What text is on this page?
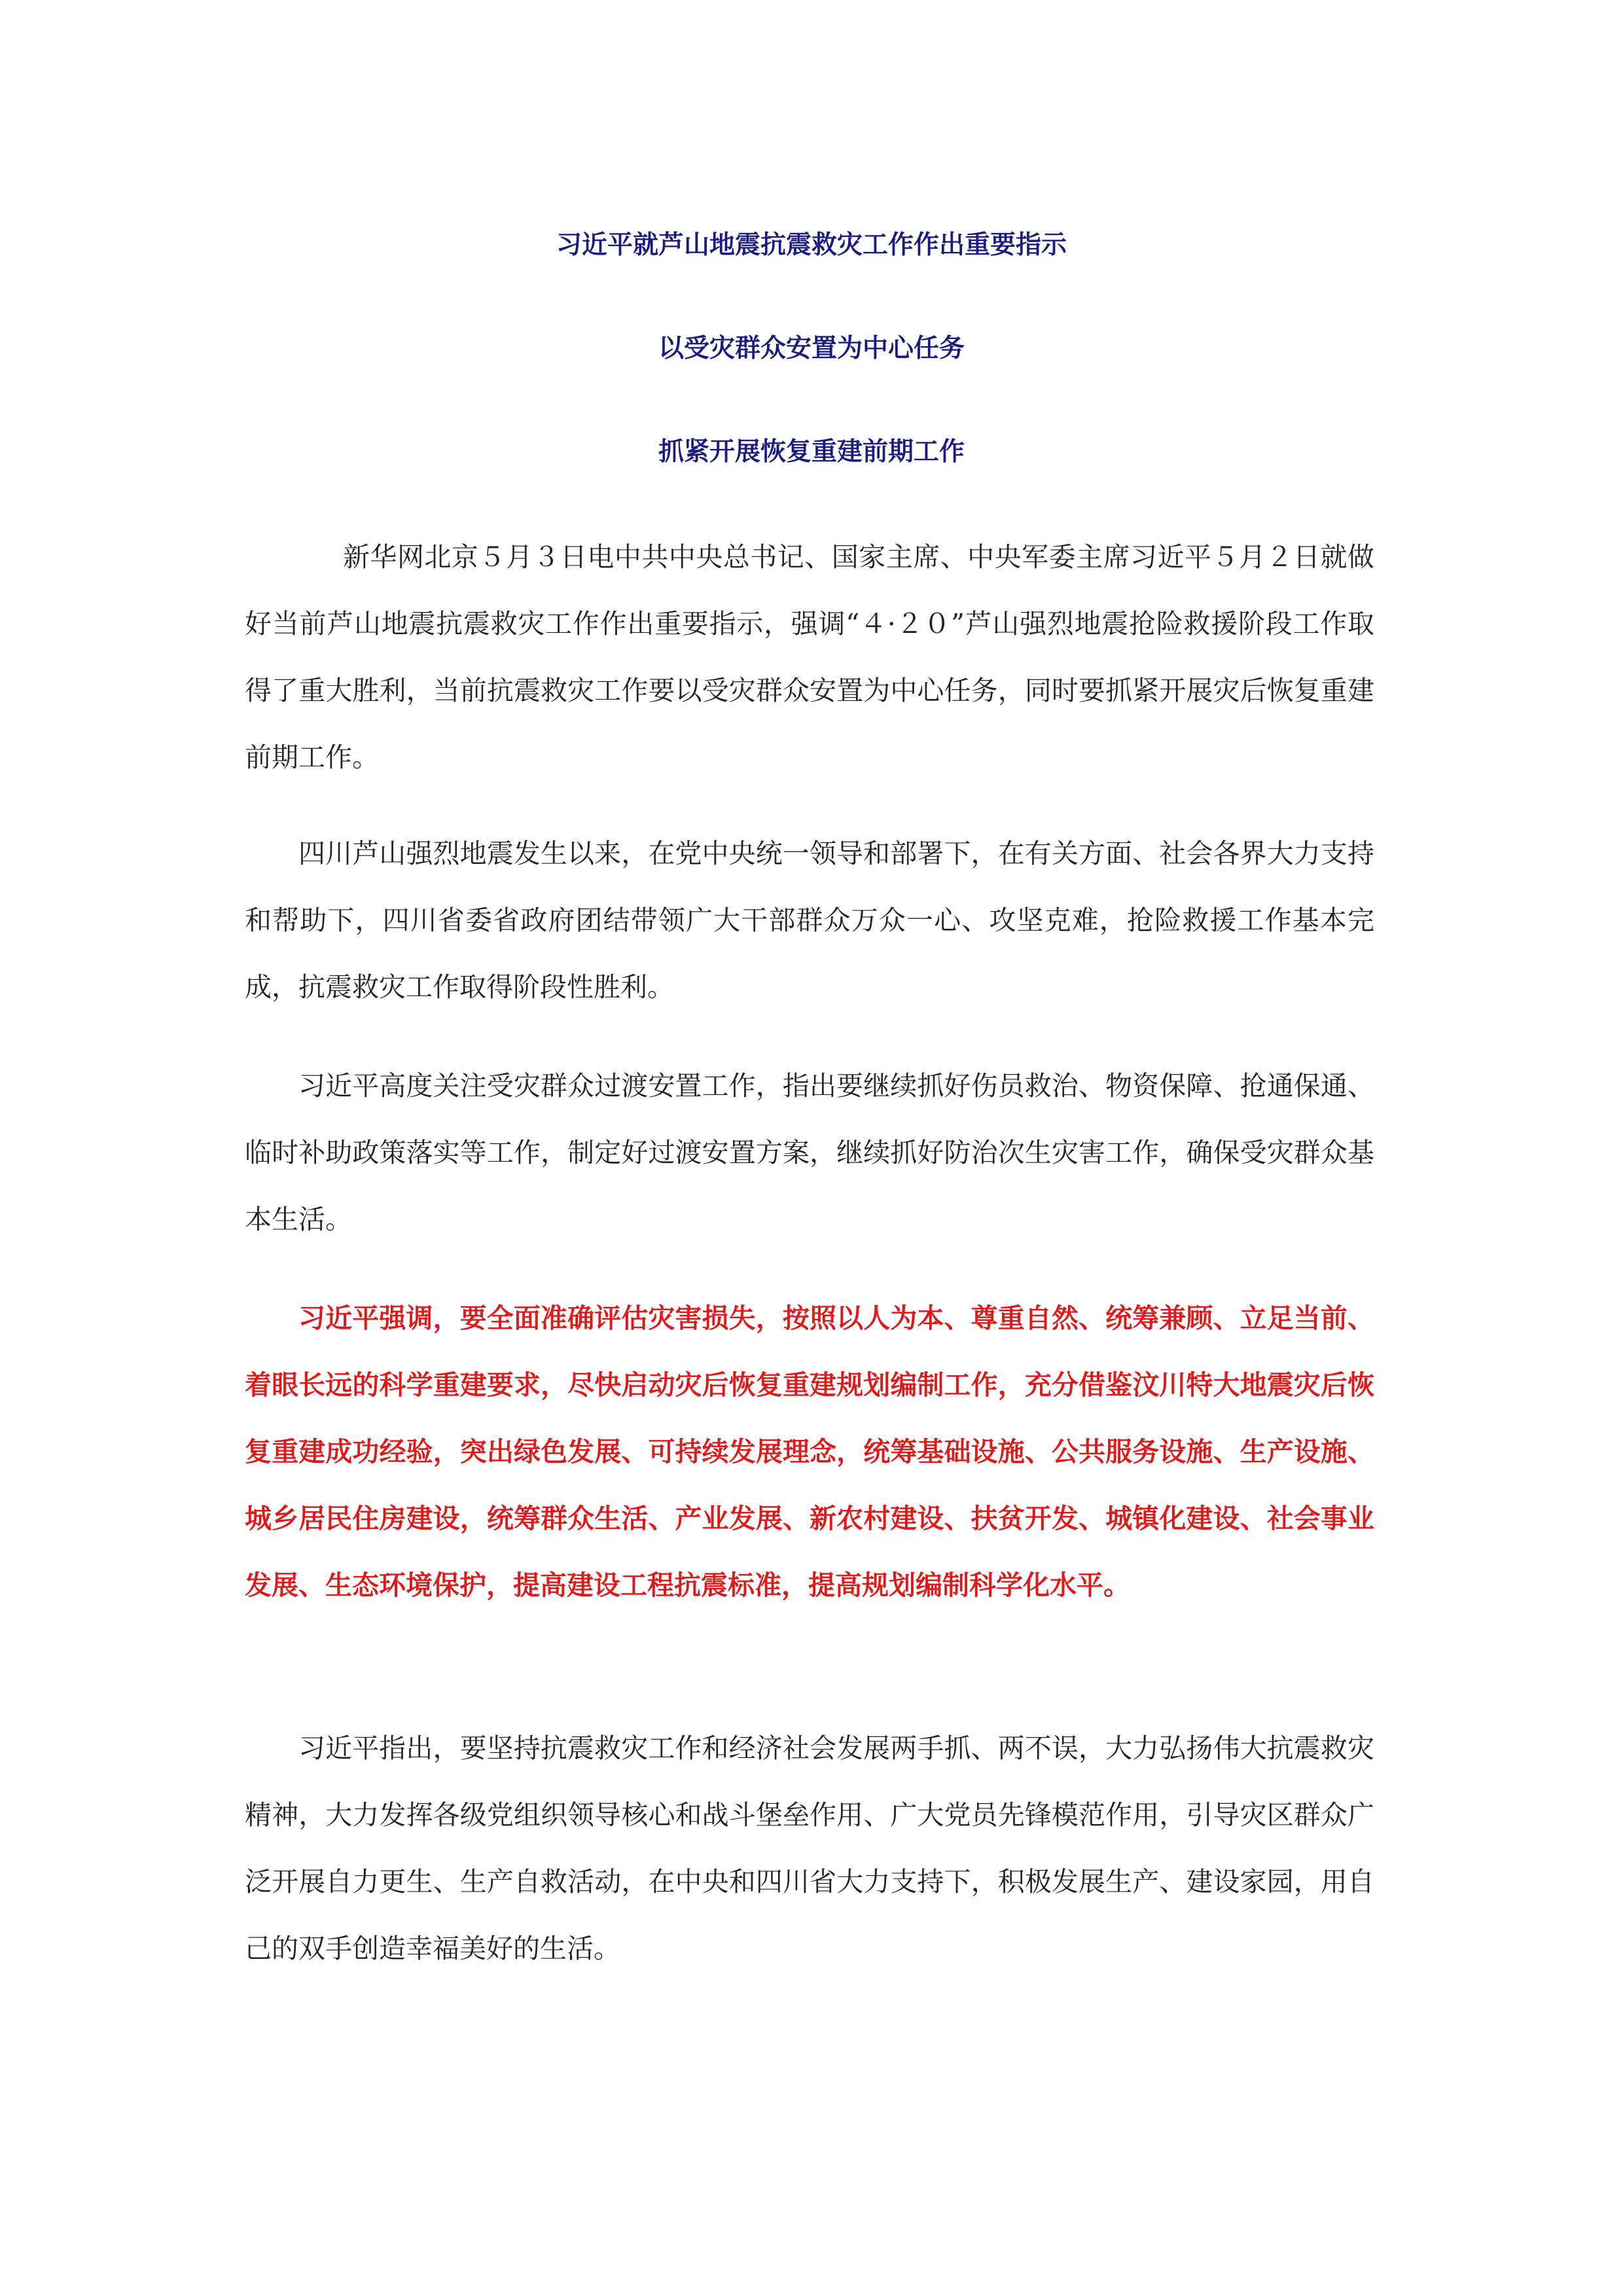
习近平就芦山地震抗震救灾工作作出重要指示
以受灾群众安置为中心任务
抓紧开展恢复重建前期工作

新华网北京５月３日电中共中央总书记、国家主席、中央军委主席习近平５月２日就做好当前芦山地震抗震救灾工作作出重要指示，强调“４·２０”芦山强烈地震抢险救援阶段工作取得了重大胜利，当前抗震救灾工作要以受灾群众安置为中心任务，同时要抓紧开展灾后恢复重建前期工作。

四川芦山强烈地震发生以来，在党中央统一领导和部署下，在有关方面、社会各界大力支持和帮助下，四川省委省政府团结带领广大干部群众万众一心、攻坚克难，抢险救援工作基本完成，抗震救灾工作取得阶段性胜利。

习近平高度关注受灾群众过渡安置工作，指出要继续抓好伤员救治、物资保障、抢通保通、临时补助政策落实等工作，制定好过渡安置方案，继续抓好防治次生灾害工作，确保受灾群众基本生活。

习近平强调，要全面准确评估灾害损失，按照以人为本、尊重自然、统筹兼顾、立足当前、着眼长远的科学重建要求，尽快启动灾后恢复重建规划编制工作，充分借鉴汶川特大地震灾后恢复重建成功经验，突出绿色发展、可持续发展理念，统筹基础设施、公共服务设施、生产设施、城乡居民住房建设，统筹群众生活、产业发展、新农村建设、扶贫开发、城镇化建设、社会事业发展、生态环境保护，提高建设工程抗震标准，提高规划编制科学化水平。

习近平指出，要坚持抗震救灾工作和经济社会发展两手抓、两不误，大力弘扬伟大抗震救灾精神，大力发挥各级党组织领导核心和战斗堡垒作用、广大党员先锋模范作用，引导灾区群众广泛开展自力更生、生产自救活动，在中央和四川省大力支持下，积极发展生产、建设家园，用自己的双手创造幸福美好的生活。
